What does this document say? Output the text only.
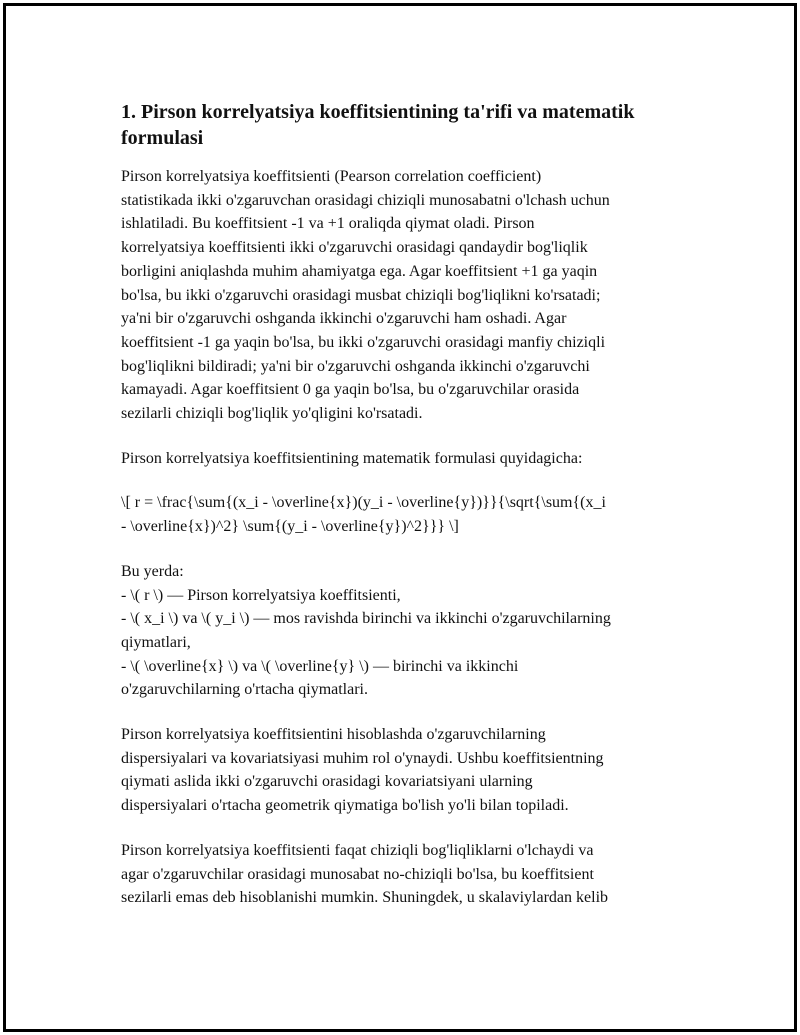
1. Pirson korrelyatsiya koeffitsientining ta'rifi va matematik formulasi

Pirson korrelyatsiya koeffitsienti (Pearson correlation coefficient)
statistikada ikki o'zgaruvchan orasidagi chiziqli munosabatni o'lchash uchun
ishlatiladi. Bu koeffitsient -1 va +1 oraliqda qiymat oladi. Pirson
korrelyatsiya koeffitsienti ikki o'zgaruvchi orasidagi qandaydir bog'liqlik
borligini aniqlashda muhim ahamiyatga ega. Agar koeffitsient +1 ga yaqin
bo'lsa, bu ikki o'zgaruvchi orasidagi musbat chiziqli bog'liqlikni ko'rsatadi;
ya'ni bir o'zgaruvchi oshganda ikkinchi o'zgaruvchi ham oshadi. Agar
koeffitsient -1 ga yaqin bo'lsa, bu ikki o'zgaruvchi orasidagi manfiy chiziqli
bog'liqlikni bildiradi; ya'ni bir o'zgaruvchi oshganda ikkinchi o'zgaruvchi
kamayadi. Agar koeffitsient 0 ga yaqin bo'lsa, bu o'zgaruvchilar orasida
sezilarli chiziqli bog'liqlik yo'qligini ko'rsatadi.

Pirson korrelyatsiya koeffitsientining matematik formulasi quyidagicha:

\[ r = \frac{\sum{(x_i - \overline{x})(y_i - \overline{y})}}{\sqrt{\sum{(x_i
- \overline{x})^2} \sum{(y_i - \overline{y})^2}}} \]

Bu yerda:
- \( r \) — Pirson korrelyatsiya koeffitsienti,
- \( x_i \) va \( y_i \) — mos ravishda birinchi va ikkinchi o'zgaruvchilarning
qiymatlari,
- \( \overline{x} \) va \( \overline{y} \) — birinchi va ikkinchi
o'zgaruvchilarning o'rtacha qiymatlari.

Pirson korrelyatsiya koeffitsientini hisoblashda o'zgaruvchilarning
dispersiyalari va kovariatsiyasi muhim rol o'ynaydi. Ushbu koeffitsientning
qiymati aslida ikki o'zgaruvchi orasidagi kovariatsiyani ularning
dispersiyalari o'rtacha geometrik qiymatiga bo'lish yo'li bilan topiladi.

Pirson korrelyatsiya koeffitsienti faqat chiziqli bog'liqliklarni o'lchaydi va
agar o'zgaruvchilar orasidagi munosabat no-chiziqli bo'lsa, bu koeffitsient
sezilarli emas deb hisoblanishi mumkin. Shuningdek, u skalaviylardan kelib
